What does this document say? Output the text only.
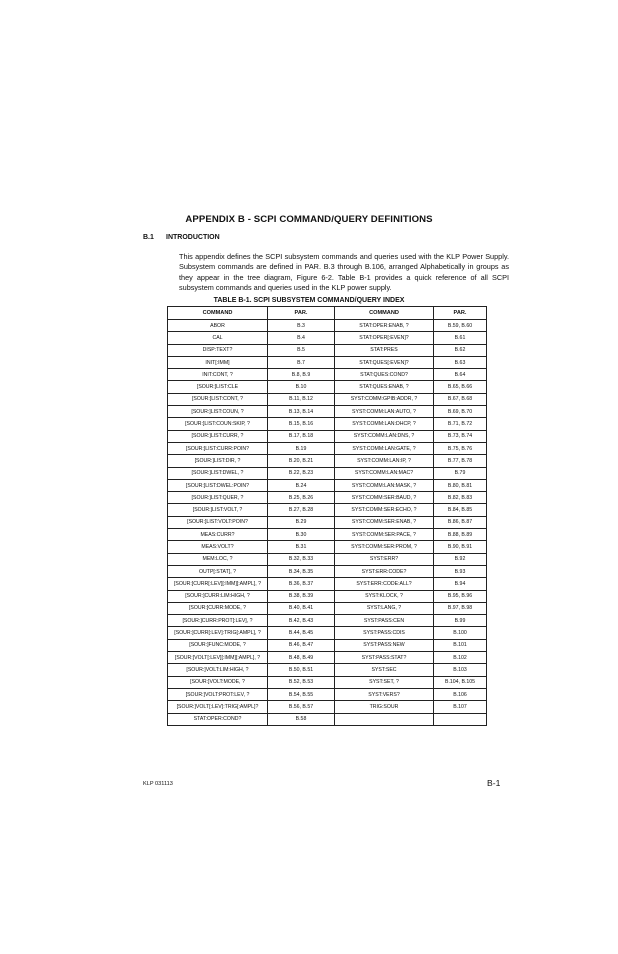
APPENDIX B - SCPI COMMAND/QUERY DEFINITIONS
B.1 INTRODUCTION
This appendix defines the SCPI subsystem commands and queries used with the KLP Power Supply. Subsystem commands are defined in PAR. B.3 through B.106, arranged Alphabetically in groups as they appear in the tree diagram, Figure 6-2. Table B-1 provides a quick reference of all SCPI subsystem commands and queries used in the KLP power supply.
TABLE B-1. SCPI SUBSYSTEM COMMAND/QUERY INDEX
COMMAND	PAR.	COMMAND	PAR.
ABOR	B.3	STAT:OPER:ENAB, ?	B.59, B.60
CAL	B.4	STAT:OPER[:EVEN]?	B.61
DISP:TEXT?	B.5	STAT:PRES	B.62
INIT[:IMM]	B.7	STAT:QUES[:EVEN]?	B.63
INIT:CONT, ?	B.8, B.9	STAT:QUES:COND?	B.64
[SOUR:]LIST:CLE	B.10	STAT:QUES:ENAB, ?	B.65, B.66
[SOUR:]LIST:CONT, ?	B.11, B.12	SYST:COMM:GPIB:ADDR, ?	B.67, B.68
[SOUR:]LIST:COUN, ?	B.13, B.14	SYST:COMM:LAN:AUTO, ?	B.69, B.70
[SOUR:]LIST:COUN:SKIP, ?	B.15, B.16	SYST:COMM:LAN:DHCP, ?	B.71, B.72
[SOUR:]LIST:CURR, ?	B.17, B.18	SYST:COMM:LAN:DNS, ?	B.73, B.74
[SOUR:]LIST:CURR:POIN?	B.19	SYST:COMM:LAN:GATE, ?	B.75, B.76
[SOUR:]LIST:DIR, ?	B.20, B.21	SYST:COMM:LAN:IP, ?	B.77, B.78
[SOUR:]LIST:DWEL, ?	B.22, B.23	SYST:COMM:LAN:MAC?	B.79
[SOUR:]LIST:DWEL:POIN?	B.24	SYST:COMM:LAN:MASK, ?	B.80, B.81
[SOUR:]LIST:QUER, ?	B.25, B.26	SYST:COMM:SER:BAUD, ?	B.82, B.83
[SOUR:]LIST:VOLT, ?	B.27, B.28	SYST:COMM:SER:ECHO, ?	B.84, B.85
[SOUR:]LIST:VOLT:POIN?	B.29	SYST:COMM:SER:ENAB, ?	B.86, B.87
MEAS:CURR?	B.30	SYST:COMM:SER:PACE, ?	B.88, B.89
MEAS:VOLT?	B.31	SYST:COMM:SER:PROM, ?	B.90, B.91
MEM:LOC, ?	B.32, B.33	SYST:ERR?	B.92
OUTP[:STAT], ?	B.34, B.35	SYST:ERR:CODE?	B.93
[SOUR:]CURR[:LEV][:IMM][:AMPL], ?	B.36, B.37	SYST:ERR:CODE:ALL?	B.94
[SOUR:]CURR:LIM:HIGH, ?	B.38, B.39	SYST:KLOCK, ?	B.95, B.96
[SOUR:]CURR:MODE, ?	B.40, B.41	SYST:LANG, ?	B.97, B.98
[SOUR:]CURR:PROT[:LEV], ?	B.42, B.43	SYST:PASS:CEN	B.99
[SOUR:]CURR[:LEV]:TRIG[:AMPL], ?	B.44, B.45	SYST:PASS:CDIS	B.100
[SOUR:]FUNC:MODE, ?	B.46, B.47	SYST:PASS:NEW	B.101
[SOUR:]VOLT[:LEV][:IMM][:AMPL], ?	B.48, B.49	SYST:PASS:STAT?	B.102
[SOUR:]VOLT:LIM:HIGH, ?	B.50, B.51	SYST:SEC	B.103
[SOUR:]VOLT:MODE, ?	B.52, B.53	SYST:SET, ?	B.104, B.105
[SOUR:]VOLT:PROT:LEV, ?	B.54, B.55	SYST:VERS?	B.106
[SOUR:]VOLT[:LEV]:TRIG[:AMPL]?	B.56, B.57	TRIG:SOUR	B.107
STAT:OPER:COND?	B.58		
KLP 031113	B-1
